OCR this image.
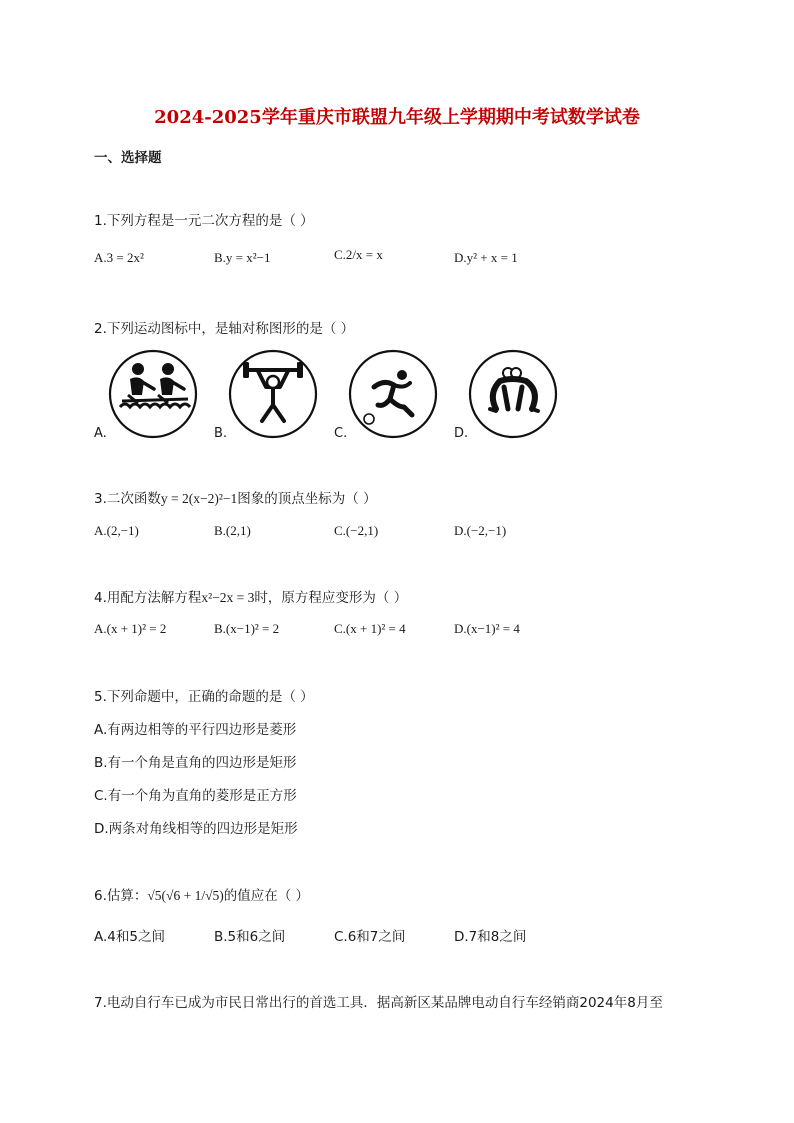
2024-2025学年重庆市联盟九年级上学期期中考试数学试卷
一、选择题
1.下列方程是一元二次方程的是（ ）
A.3 = 2x²	B.y = x²−1	C.2/x = x	D.y² + x = 1
2.下列运动图标中，是轴对称图形的是（ ）
A.	B.	C.	D.
3.二次函数y = 2(x−2)²−1图象的顶点坐标为（ ）
A.(2,−1)	B.(2,1)	C.(−2,1)	D.(−2,−1)
4.用配方法解方程x²−2x = 3时，原方程应变形为（ ）
A.(x + 1)² = 2	B.(x−1)² = 2	C.(x + 1)² = 4	D.(x−1)² = 4
5.下列命题中，正确的命题的是（ ）
A.有两边相等的平行四边形是菱形
B.有一个角是直角的四边形是矩形
C.有一个角为直角的菱形是正方形
D.两条对角线相等的四边形是矩形
6.估算：√5(√6 + 1/√5)的值应在（ ）
A.4和5之间	B.5和6之间	C.6和7之间	D.7和8之间
7.电动自行车已成为市民日常出行的首选工具．据高新区某品牌电动自行车经销商2024年8月至
